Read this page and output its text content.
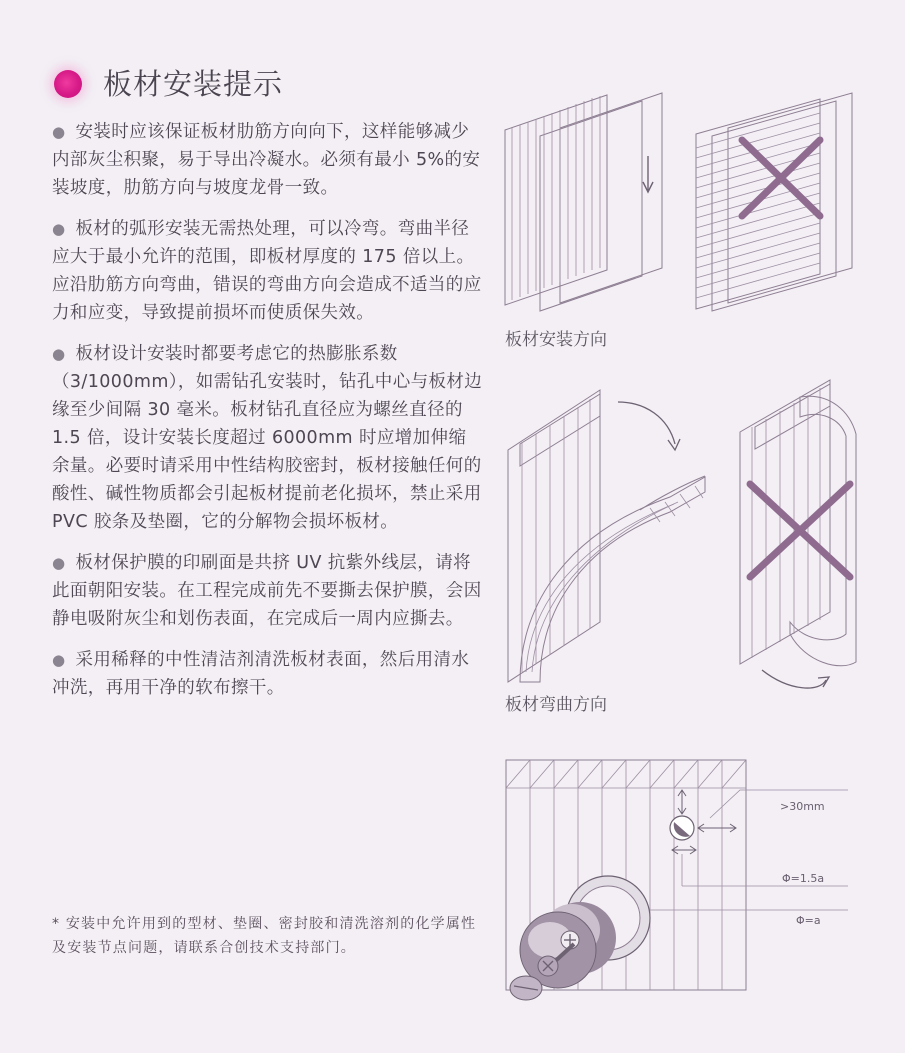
板材安装提示

● 安装时应该保证板材肋筋方向向下，这样能够减少内部灰尘积聚，易于导出冷凝水。必须有最小 5%的安装坡度，肋筋方向与坡度龙骨一致。

● 板材的弧形安装无需热处理，可以冷弯。弯曲半径应大于最小允许的范围，即板材厚度的 175 倍以上。应沿肋筋方向弯曲，错误的弯曲方向会造成不适当的应力和应变，导致提前损坏而使质保失效。

● 板材设计安装时都要考虑它的热膨胀系数（3/1000mm），如需钻孔安装时，钻孔中心与板材边缘至少间隔 30 毫米。板材钻孔直径应为螺丝直径的 1.5 倍，设计安装长度超过 6000mm 时应增加伸缩余量。必要时请采用中性结构胶密封，板材接触任何的酸性、碱性物质都会引起板材提前老化损坏，禁止采用 PVC 胶条及垫圈，它的分解物会损坏板材。

● 板材保护膜的印刷面是共挤 UV 抗紫外线层，请将此面朝阳安装。在工程完成前先不要撕去保护膜，会因静电吸附灰尘和划伤表面，在完成后一周内应撕去。

● 采用稀释的中性清洁剂清洗板材表面，然后用清水冲洗，再用干净的软布擦干。

* 安装中允许用到的型材、垫圈、密封胶和清洗溶剂的化学属性及安装节点问题，请联系合创技术支持部门。
板材安装方向
板材弯曲方向
>30mm
Φ=1.5a
Φ=a
